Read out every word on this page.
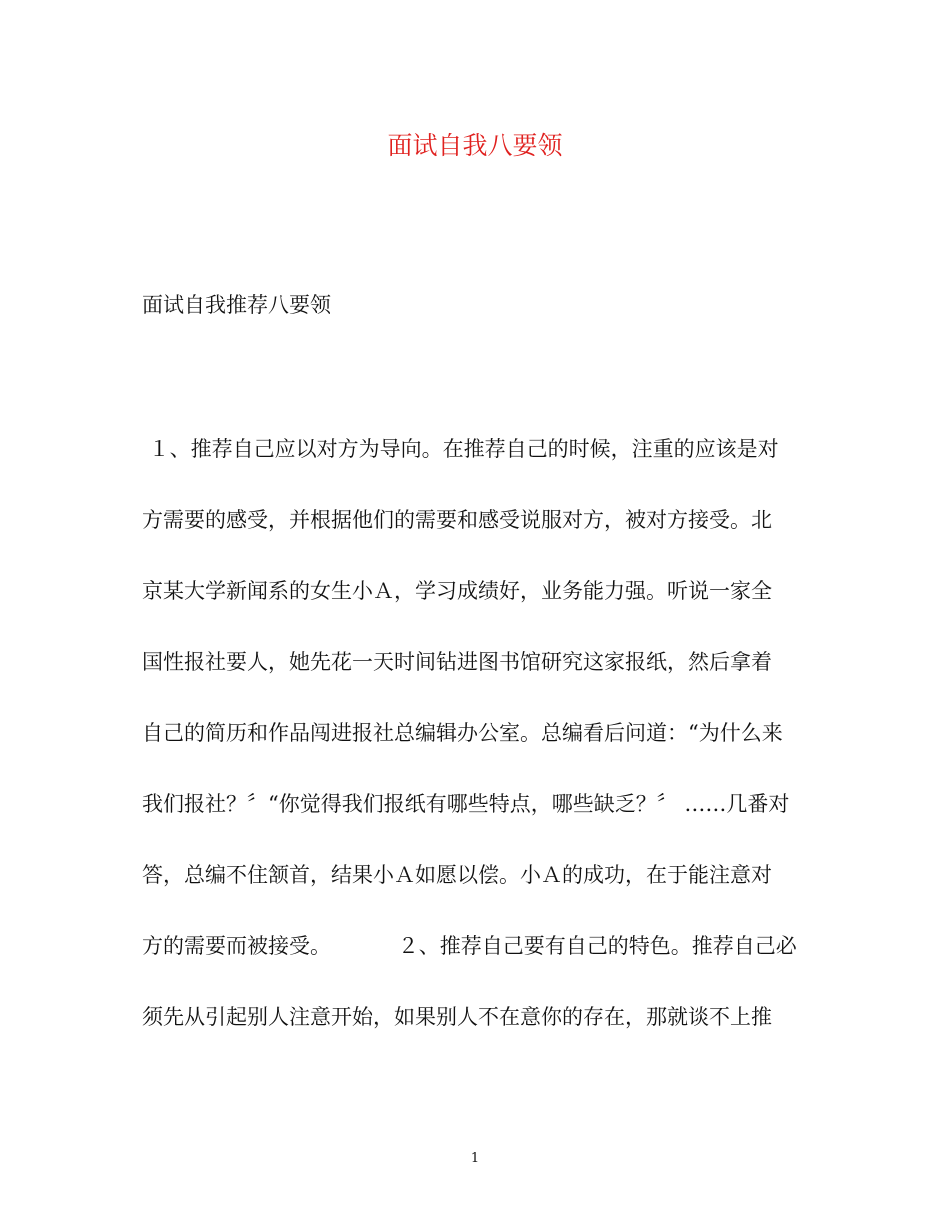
面试自我八要领

面试自我推荐八要领

１、推荐自己应以对方为导向。在推荐自己的时候，注重的应该是对
方需要的感受，并根据他们的需要和感受说服对方，被对方接受。北
京某大学新闻系的女生小Ａ，学习成绩好，业务能力强。听说一家全
国性报社要人，她先花一天时间钻进图书馆研究这家报纸，然后拿着
自己的简历和作品闯进报社总编辑办公室。总编看后问道：“为什么来
我们报社？〞“你觉得我们报纸有哪些特点，哪些缺乏？〞 ……几番对
答，总编不住颔首，结果小Ａ如愿以偿。小Ａ的成功，在于能注意对
方的需要而被接受。          ２、推荐自己要有自己的特色。推荐自己必
须先从引起别人注意开始，如果别人不在意你的存在，那就谈不上推
1
